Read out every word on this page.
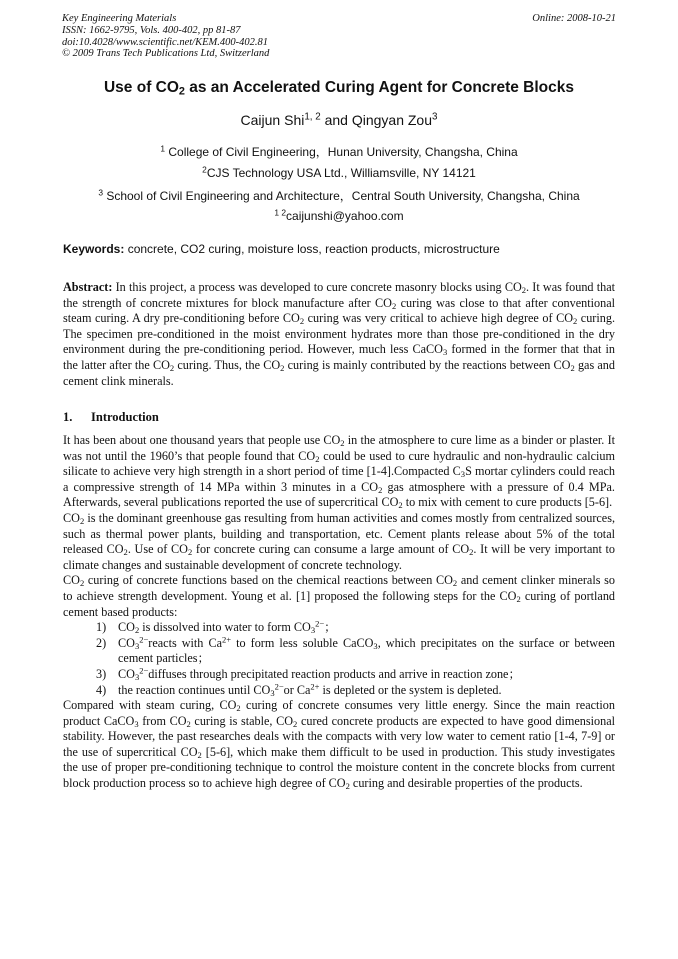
Key Engineering Materials
ISSN: 1662-9795, Vols. 400-402, pp 81-87
doi:10.4028/www.scientific.net/KEM.400-402.81
© 2009 Trans Tech Publications Ltd, Switzerland
Online: 2008-10-21
Use of $CO_2$ as an Accelerated Curing Agent for Concrete Blocks
Caijun Shi$^{1, 2}$ and Qingyan Zou$^3$
$^1$ College of Civil Engineering，Hunan University, Changsha, China
$^2$CJS Technology USA Ltd., Williamsville, NY 14121
$^3$ School of Civil Engineering and Architecture，Central South University, Changsha, China
$^{1 2}$caijunshi@yahoo.com
Keywords: concrete, CO2 curing, moisture loss, reaction products, microstructure

Abstract: In this project, a process was developed to cure concrete masonry blocks using $CO_2$. It was found that the strength of concrete mixtures for block manufacture after $CO_2$ curing was close to that after conventional steam curing. A dry pre-conditioning before $CO_2$ curing was very critical to achieve high degree of $CO_2$ curing. The specimen pre-conditioned in the moist environment hydrates more than those pre-conditioned in the dry environment during the pre-conditioning period. However, much less CaCO$_3$ formed in the former that that in the latter after the $CO_2$ curing. Thus, the $CO_2$ curing is mainly contributed by the reactions between $CO_2$ gas and cement clink minerals.

1. Introduction

It has been about one thousand years that people use $CO_2$ in the atmosphere to cure lime as a binder or plaster. It was not until the 1960’s that people found that $CO_2$ could be used to cure hydraulic and non-hydraulic calcium silicate to achieve very high strength in a short period of time [1-4].Compacted $C_3S$ mortar cylinders could reach a compressive strength of 14 MPa within 3 minutes in a $CO_2$ gas atmosphere with a pressure of 0.4 MPa. Afterwards, several publications reported the use of supercritical $CO_2$ to mix with cement to cure products [5-6].

$CO_2$ is the dominant greenhouse gas resulting from human activities and comes mostly from centralized sources, such as thermal power plants, building and transportation, etc. Cement plants release about 5% of the total released $CO_2$. Use of $CO_2$ for concrete curing can consume a large amount of $CO_2$. It will be very important to climate changes and sustainable development of concrete technology.

$CO_2$ curing of concrete functions based on the chemical reactions between $CO_2$ and cement clinker minerals so to achieve strength development. Young et al. [1] proposed the following steps for the $CO_2$ curing of portland cement based products:

1) $CO_2$ is dissolved into water to form $CO_3^{2-}$；
2) $CO_3^{2-}reacts$ with $Ca^{2+}$ to form less soluble CaCO$_3$, which precipitates on the surface or between cement particles；
3) $CO_3^{2-}diffuses$ through precipitated reaction products and arrive in reaction zone；
4) the reaction continues until $CO_3^{2-}or$ $Ca^{2+}$ is depleted or the system is depleted.

Compared with steam curing, $CO_2$ curing of concrete consumes very little energy. Since the main reaction product CaCO$_3$ from $CO_2$ curing is stable, $CO_2$ cured concrete products are expected to have good dimensional stability. However, the past researches deals with the compacts with very low water to cement ratio [1-4, 7-9] or the use of supercritical $CO_2$ [5-6], which make them difficult to be used in production. This study investigates the use of proper pre-conditioning technique to control the moisture content in the concrete blocks from current block production process so to achieve high degree of $CO_2$ curing and desirable properties of the products.
